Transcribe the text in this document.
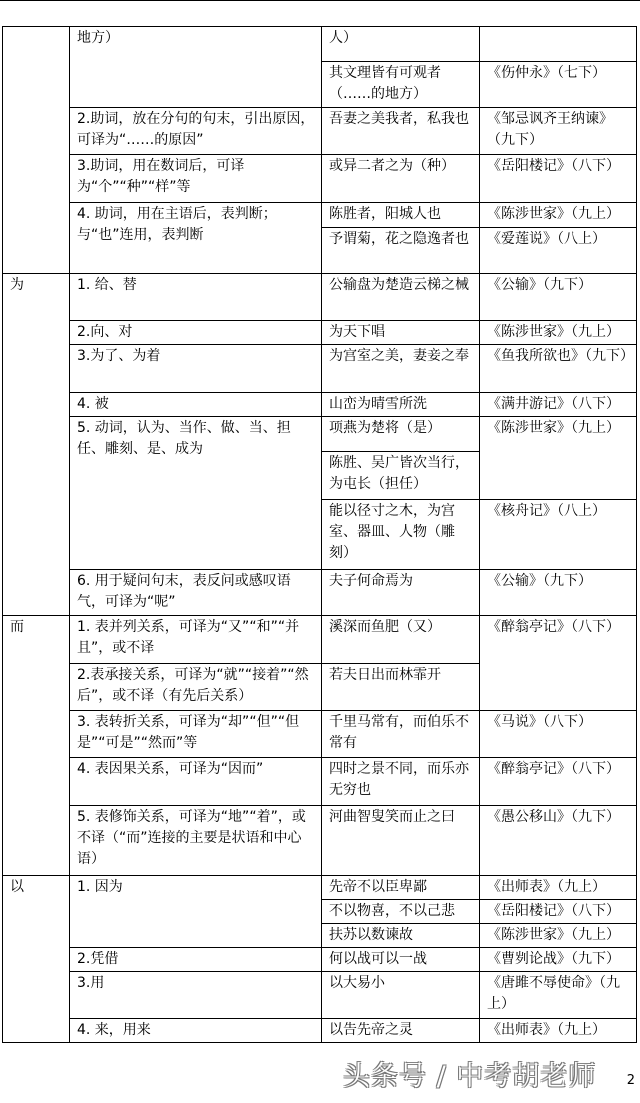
	地方）	人）	
		其文理皆有可观者（……的地方）	《伤仲永》（七下）
	2.助词，放在分句的句末，引出原因，可译为“……的原因”	吾妻之美我者，私我也	《邹忌讽齐王纳谏》（九下）
	3.助词，用在数词后，可译为“个”“种”“样”等	或异二者之为（种）	《岳阳楼记》（八下）
	4. 助词，用在主语后，表判断；与“也”连用，表判断	陈胜者，阳城人也	《陈涉世家》（九上）
		予谓菊，花之隐逸者也	《爱莲说》（八上）
为	1. 给、替	公输盘为楚造云梯之械	《公输》（九下）
	2.向、对	为天下唱	《陈涉世家》（九上）
	3.为了、为着	为宫室之美，妻妾之奉	《鱼我所欲也》（九下）
	4. 被	山峦为晴雪所洗	《满井游记》（八下）
	5. 动词，认为、当作、做、当、担任、雕刻、是、成为	项燕为楚将（是）	《陈涉世家》（九上）
		陈胜、吴广皆次当行，为屯长（担任）	
		能以径寸之木，为宫室、器皿、人物（雕刻）	《核舟记》（八上）
	6. 用于疑问句末，表反问或感叹语气，可译为“呢”	夫子何命焉为	《公输》（九下）
而	1. 表并列关系，可译为“又”“和”“并且”，或不译	溪深而鱼肥（又）	《醉翁亭记》（八下）
	2.表承接关系，可译为“就”“接着”“然后”，或不译（有先后关系）	若夫日出而林霏开	
	3. 表转折关系，可译为“却”“但”“但是”“可是”“然而”等	千里马常有，而伯乐不常有	《马说》（八下）
	4. 表因果关系，可译为“因而”	四时之景不同，而乐亦无穷也	《醉翁亭记》（八下）
	5. 表修饰关系，可译为“地”“着”，或不译（“而”连接的主要是状语和中心语）	河曲智叟笑而止之曰	《愚公移山》（九下）
以	1. 因为	先帝不以臣卑鄙	《出师表》（九上）
		不以物喜，不以己悲	《岳阳楼记》（八下）
		扶苏以数谏故	《陈涉世家》（九上）
	2.凭借	何以战可以一战	《曹刿论战》（九下）
	3.用	以大易小	《唐雎不辱使命》（九上）
	4. 来，用来	以告先帝之灵	《出师表》（九上）
头条号 / 中考胡老师 2
